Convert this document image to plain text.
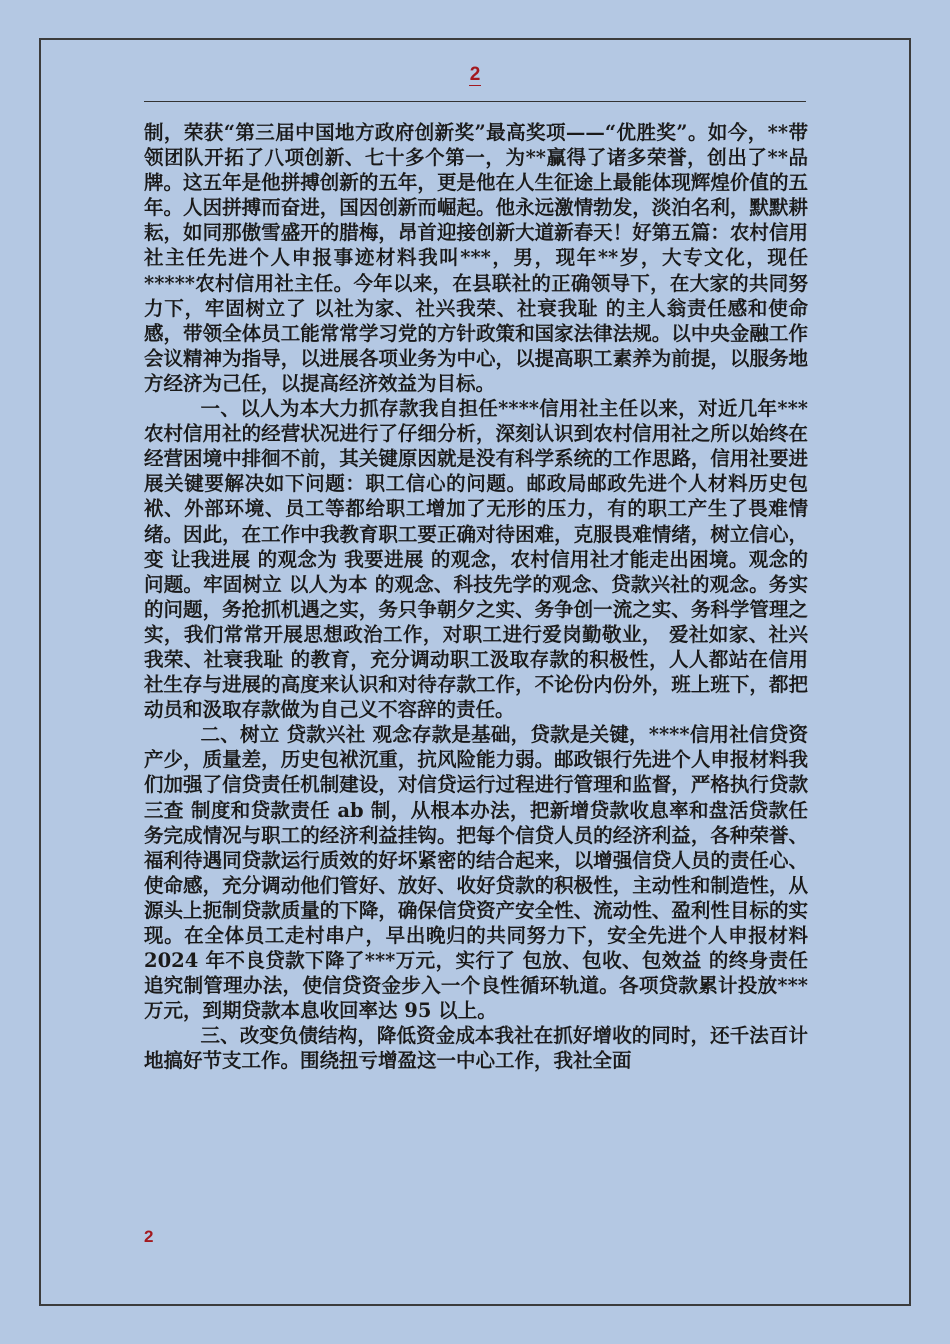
2

制，荣获“第三届中国地方政府创新奖”最高奖项——“优胜奖”。如今，**带领团队开拓了八项创新、七十多个第一，为**赢得了诸多荣誉，创出了**品牌。这五年是他拼搏创新的五年，更是他在人生征途上最能体现辉煌价值的五年。人因拼搏而奋进，国因创新而崛起。他永远激情勃发，淡泊名利，默默耕耘，如同那傲雪盛开的腊梅，昂首迎接创新大道新春天！好第五篇：农村信用社主任先进个人申报事迹材料我叫***，男，现年**岁，大专文化，现任*****农村信用社主任。今年以来，在县联社的正确领导下，在大家的共同努力下，牢固树立了 以社为家、社兴我荣、社衰我耻 的主人翁责任感和使命感，带领全体员工能常常学习党的方针政策和国家法律法规。以中央金融工作会议精神为指导，以进展各项业务为中心，以提高职工素养为前提，以服务地方经济为己任，以提高经济效益为目标。

一、以人为本大力抓存款我自担任****信用社主任以来，对近几年***农村信用社的经营状况进行了仔细分析，深刻认识到农村信用社之所以始终在经营困境中排徊不前，其关键原因就是没有科学系统的工作思路，信用社要进展关键要解决如下问题：职工信心的问题。邮政局邮政先进个人材料历史包袱、外部环境、员工等都给职工增加了无形的压力，有的职工产生了畏难情绪。因此，在工作中我教育职工要正确对待困难，克服畏难情绪，树立信心，变 让我进展 的观念为 我要进展 的观念，农村信用社才能走出困境。观念的问题。牢固树立 以人为本 的观念、科技先学的观念、贷款兴社的观念。务实的问题，务抢抓机遇之实，务只争朝夕之实、务争创一流之实、务科学管理之实，我们常常开展思想政治工作，对职工进行爱岗勤敬业， 爱社如家、社兴我荣、社衰我耻 的教育，充分调动职工汲取存款的积极性，人人都站在信用社生存与进展的高度来认识和对待存款工作，不论份内份外，班上班下，都把动员和汲取存款做为自己义不容辞的责任。

二、树立 贷款兴社 观念存款是基础，贷款是关键，****信用社信贷资产少，质量差，历史包袱沉重，抗风险能力弱。邮政银行先进个人申报材料我们加强了信贷责任机制建设，对信贷运行过程进行管理和监督，严格执行贷款 三查 制度和贷款责任 ab 制，从根本办法，把新增贷款收息率和盘活贷款任务完成情况与职工的经济利益挂钩。把每个信贷人员的经济利益，各种荣誉、福利待遇同贷款运行质效的好坏紧密的结合起来，以增强信贷人员的责任心、使命感，充分调动他们管好、放好、收好贷款的积极性，主动性和制造性，从源头上扼制贷款质量的下降，确保信贷资产安全性、流动性、盈利性目标的实现。在全体员工走村串户，早出晚归的共同努力下，安全先进个人申报材料 2024 年不良贷款下降了***万元，实行了 包放、包收、包效益 的终身责任追究制管理办法，使信贷资金步入一个良性循环轨道。各项贷款累计投放***万元，到期贷款本息收回率达 95 以上。

三、改变负债结构，降低资金成本我社在抓好增收的同时，还千法百计地搞好节支工作。围绕扭亏增盈这一中心工作，我社全面

2
